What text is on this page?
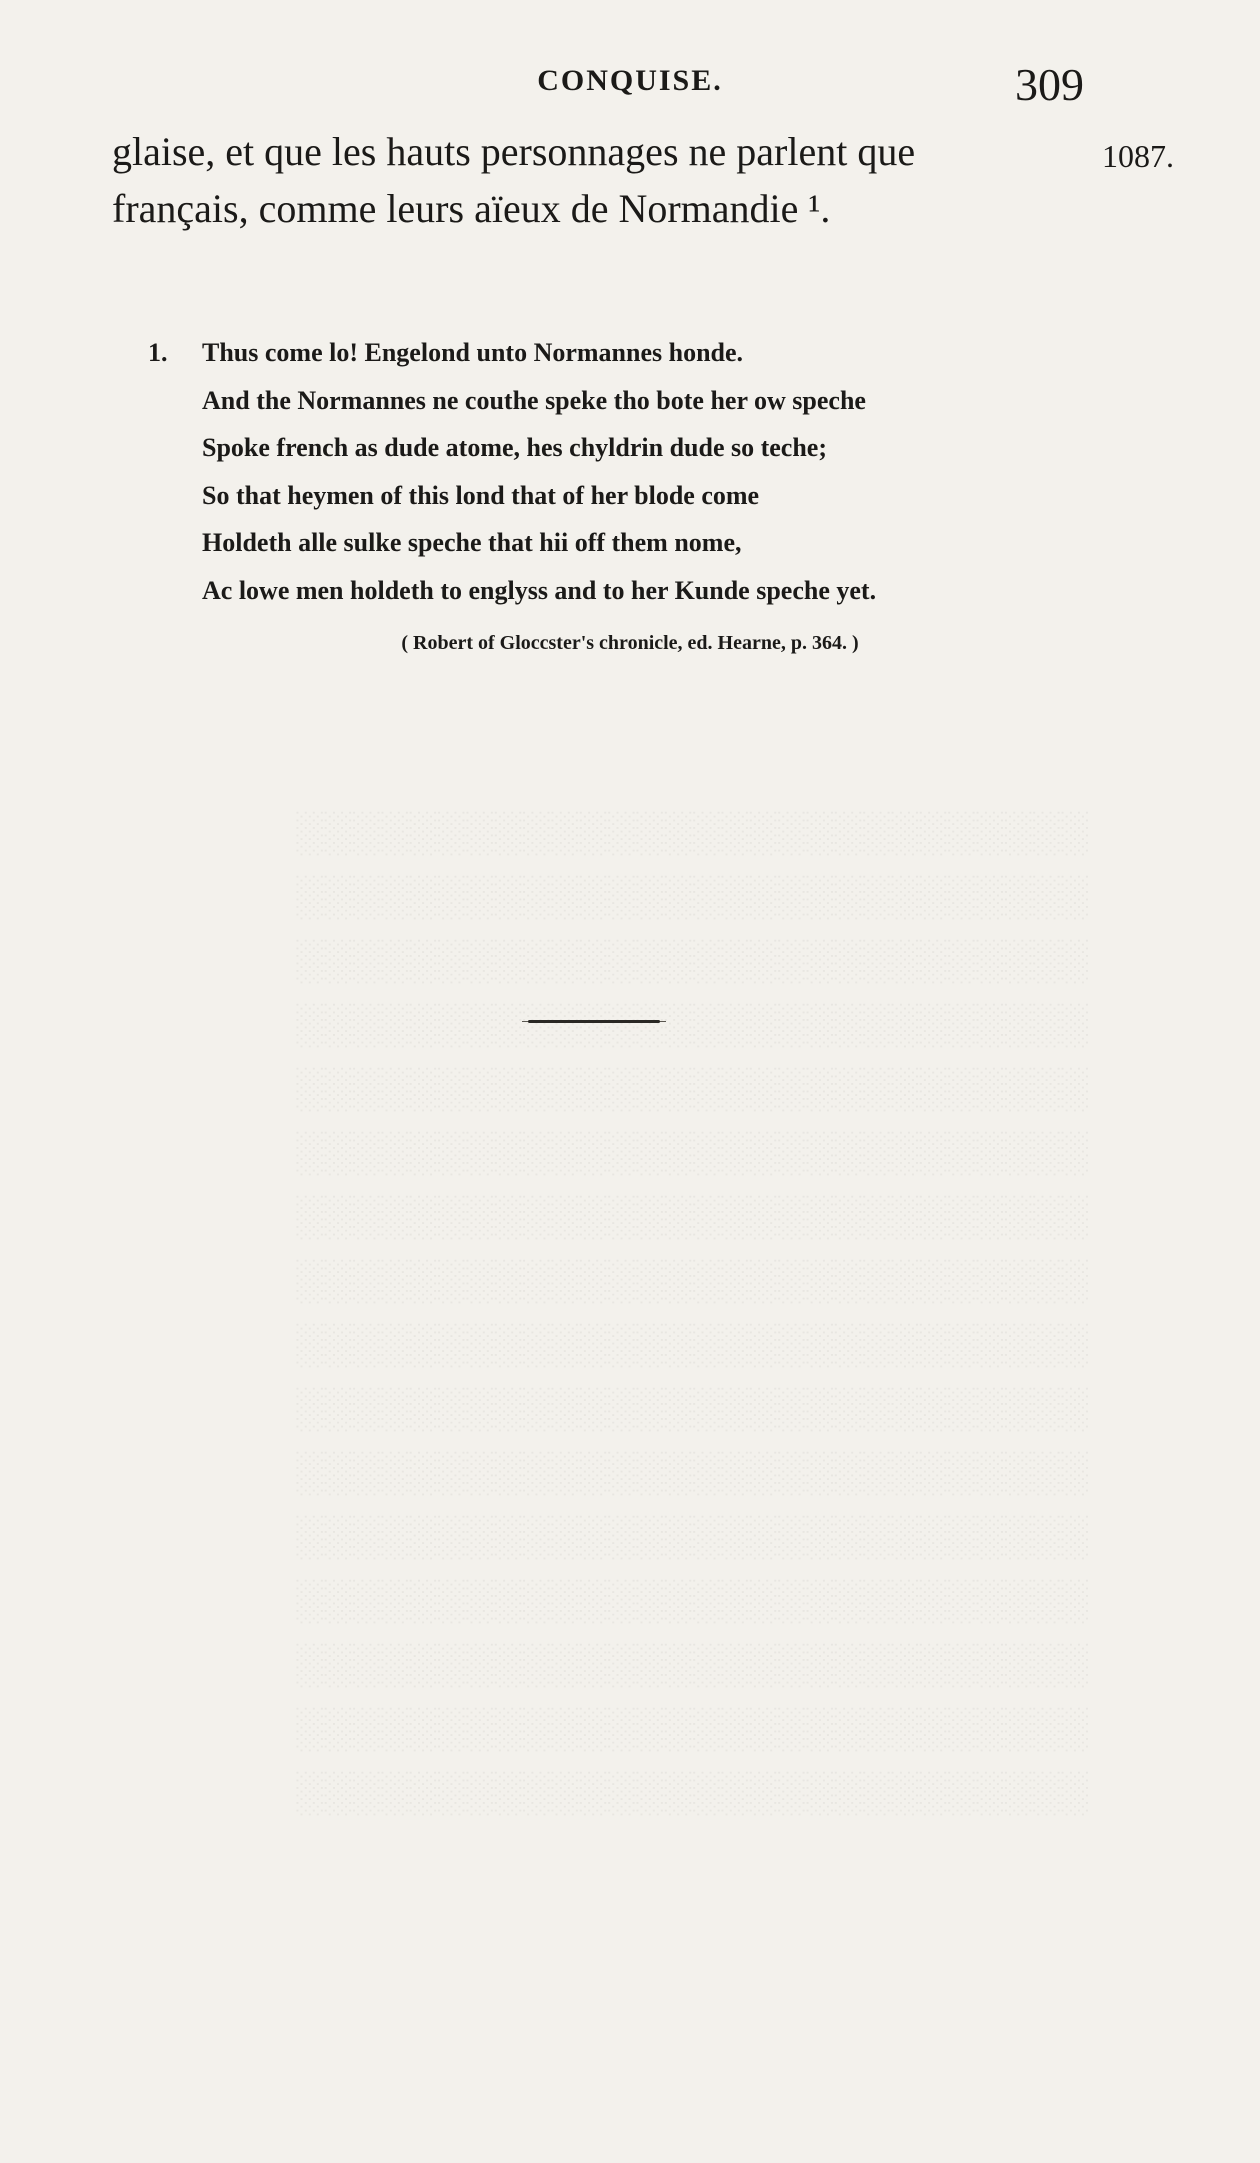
CONQUISE.	309
glaise, et que les hauts personnages ne parlent que
français, comme leurs aïeux de Normandie ¹.
1087.
1. Thus come lo! Engelond unto Normannes honde.
And the Normannes ne couthe speke tho bote her ow speche
Spoke french as dude atome, hes chyldrin dude so teche;
So that heymen of this lond that of her blode come
Holdeth alle sulke speche that hii off them nome,
Ac lowe men holdeth to englyss and to her Kunde speche yet.
( Robert of Gloccster's chronicle, ed. Hearne, p. 364. )
